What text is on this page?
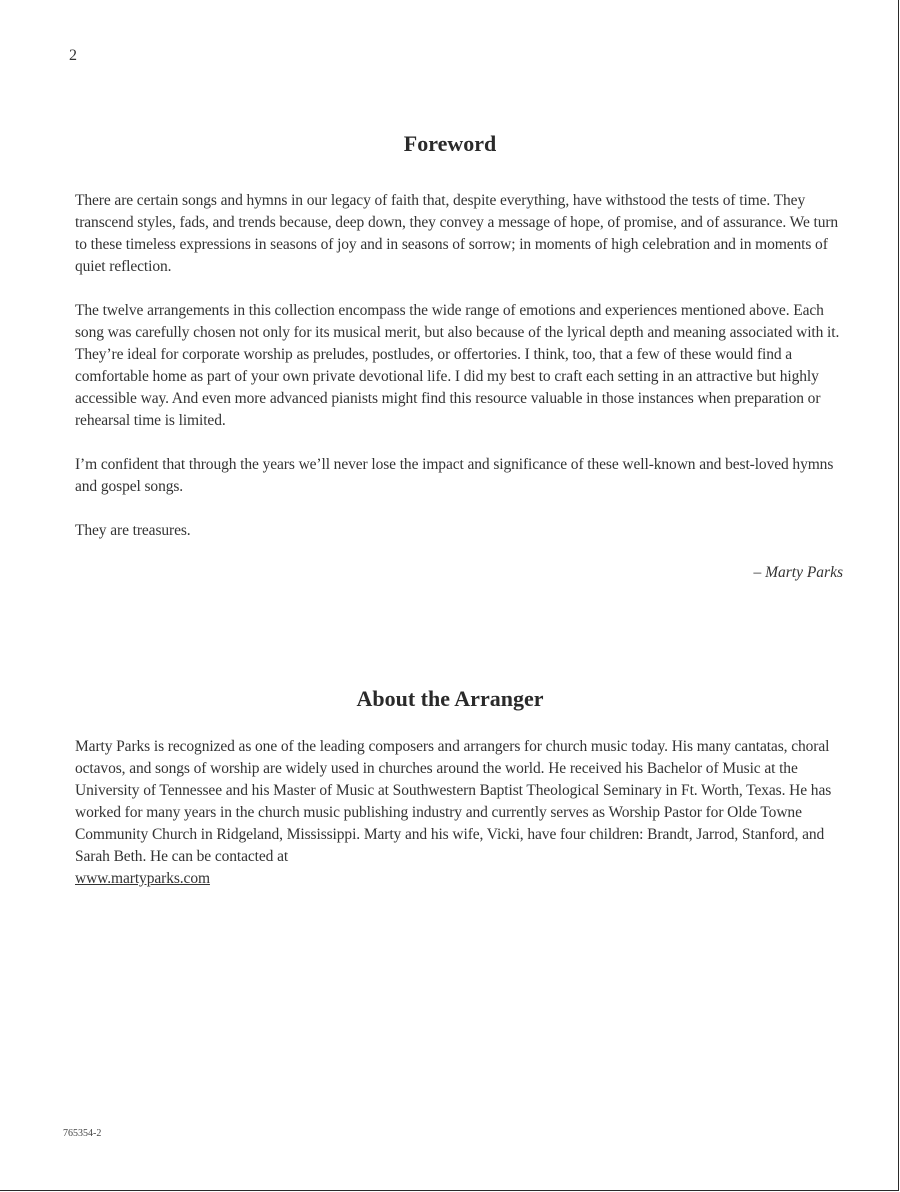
2
Foreword

There are certain songs and hymns in our legacy of faith that, despite everything, have withstood the tests of time. They transcend styles, fads, and trends because, deep down, they convey a message of hope, of promise, and of assurance. We turn to these timeless expressions in seasons of joy and in seasons of sorrow; in moments of high celebration and in moments of quiet reflection.

The twelve arrangements in this collection encompass the wide range of emotions and experiences mentioned above. Each song was carefully chosen not only for its musical merit, but also because of the lyrical depth and meaning associated with it. They’re ideal for corporate worship as preludes, postludes, or offertories. I think, too, that a few of these would find a comfortable home as part of your own private devotional life. I did my best to craft each setting in an attractive but highly accessible way. And even more advanced pianists might find this resource valuable in those instances when preparation or rehearsal time is limited.

I’m confident that through the years we’ll never lose the impact and significance of these well-known and best-loved hymns and gospel songs.

They are treasures.

– Marty Parks

About the Arranger

Marty Parks is recognized as one of the leading composers and arrangers for church music today. His many cantatas, choral octavos, and songs of worship are widely used in churches around the world. He received his Bachelor of Music at the University of Tennessee and his Master of Music at Southwestern Baptist Theological Seminary in Ft. Worth, Texas. He has worked for many years in the church music publishing industry and currently serves as Worship Pastor for Olde Towne Community Church in Ridgeland, Mississippi. Marty and his wife, Vicki, have four children: Brandt, Jarrod, Stanford, and Sarah Beth. He can be contacted at
www.martyparks.com

765354-2
